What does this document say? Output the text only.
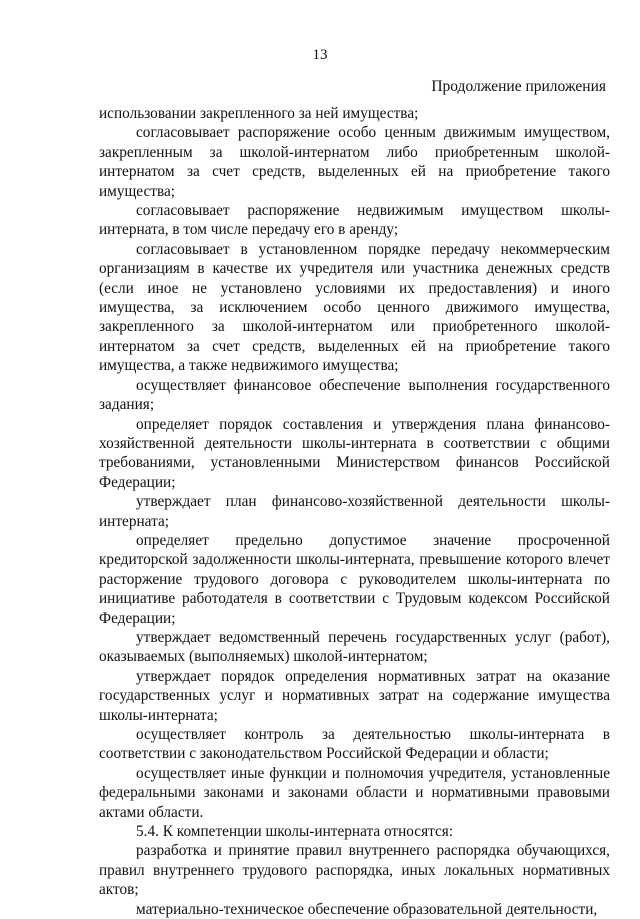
13
Продолжение приложения

использовании закрепленного за ней имущества;

согласовывает распоряжение особо ценным движимым имуществом, закрепленным за школой-интернатом либо приобретенным школой-интернатом за счет средств, выделенных ей на приобретение такого имущества;

согласовывает распоряжение недвижимым имуществом школы-интерната, в том числе передачу его в аренду;

согласовывает в установленном порядке передачу некоммерческим организациям в качестве их учредителя или участника денежных средств (если иное не установлено условиями их предоставления) и иного имущества, за исключением особо ценного движимого имущества, закрепленного за школой-интернатом или приобретенного школой-интернатом за счет средств, выделенных ей на приобретение такого имущества, а также недвижимого имущества;

осуществляет финансовое обеспечение выполнения государственного задания;

определяет порядок составления и утверждения плана финансово-хозяйственной деятельности школы-интерната в соответствии с общими требованиями, установленными Министерством финансов Российской Федерации;

утверждает план финансово-хозяйственной деятельности школы-интерната;

определяет предельно допустимое значение просроченной кредиторской задолженности школы-интерната, превышение которого влечет расторжение трудового договора с руководителем школы-интерната по инициативе работодателя в соответствии с Трудовым кодексом Российской Федерации;

утверждает ведомственный перечень государственных услуг (работ), оказываемых (выполняемых) школой-интернатом;

утверждает порядок определения нормативных затрат на оказание государственных услуг и нормативных затрат на содержание имущества школы-интерната;

осуществляет контроль за деятельностью школы-интерната в соответствии с законодательством Российской Федерации и области;

осуществляет иные функции и полномочия учредителя, установленные федеральными законами и законами области и нормативными правовыми актами области.

5.4. К компетенции школы-интерната относятся:

разработка и принятие правил внутреннего распорядка обучающихся, правил внутреннего трудового распорядка, иных локальных нормативных актов;

материально-техническое обеспечение образовательной деятельности,
